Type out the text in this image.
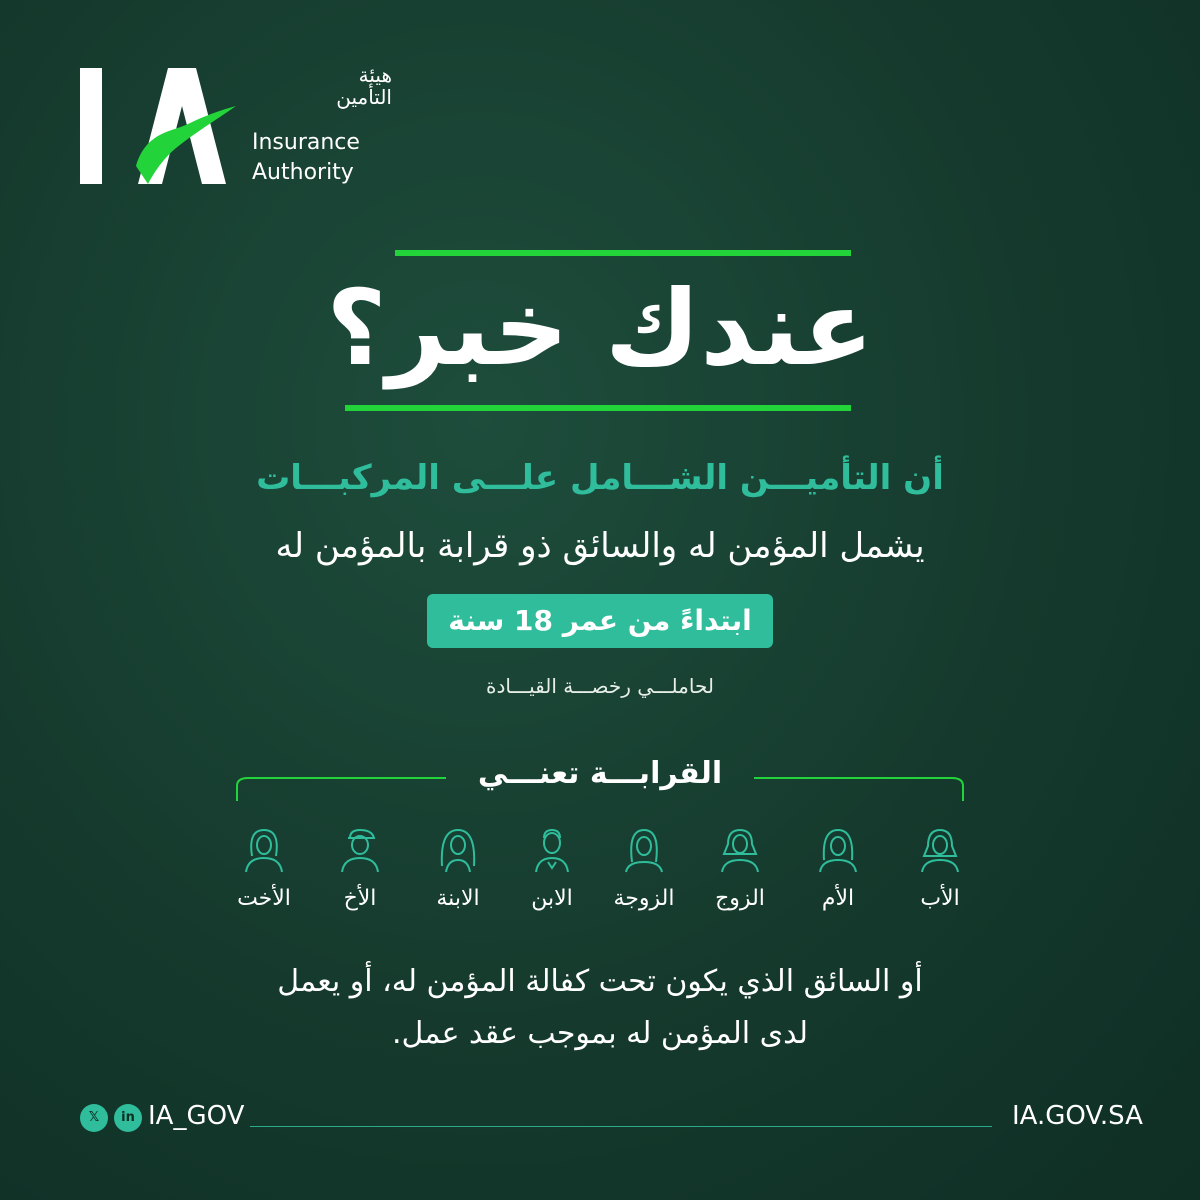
هيئة
التأمين
Insurance
Authority
عندك خبر؟
أن التأميـــن الشـــامل علـــى المركبـــات
يشمل المؤمن له والسائق ذو قرابة بالمؤمن له
ابتداءً من عمر 18 سنة
لحاملـــي رخصـــة القيـــادة
القرابـــة تعنـــي
الأب
الأم
الزوج
الزوجة
الابن
الابنة
الأخ
الأخت
أو السائق الذي يكون تحت كفالة المؤمن له، أو يعمل
لدى المؤمن له بموجب عقد عمل.
𝕏	in IA_GOV	IA.GOV.SA
